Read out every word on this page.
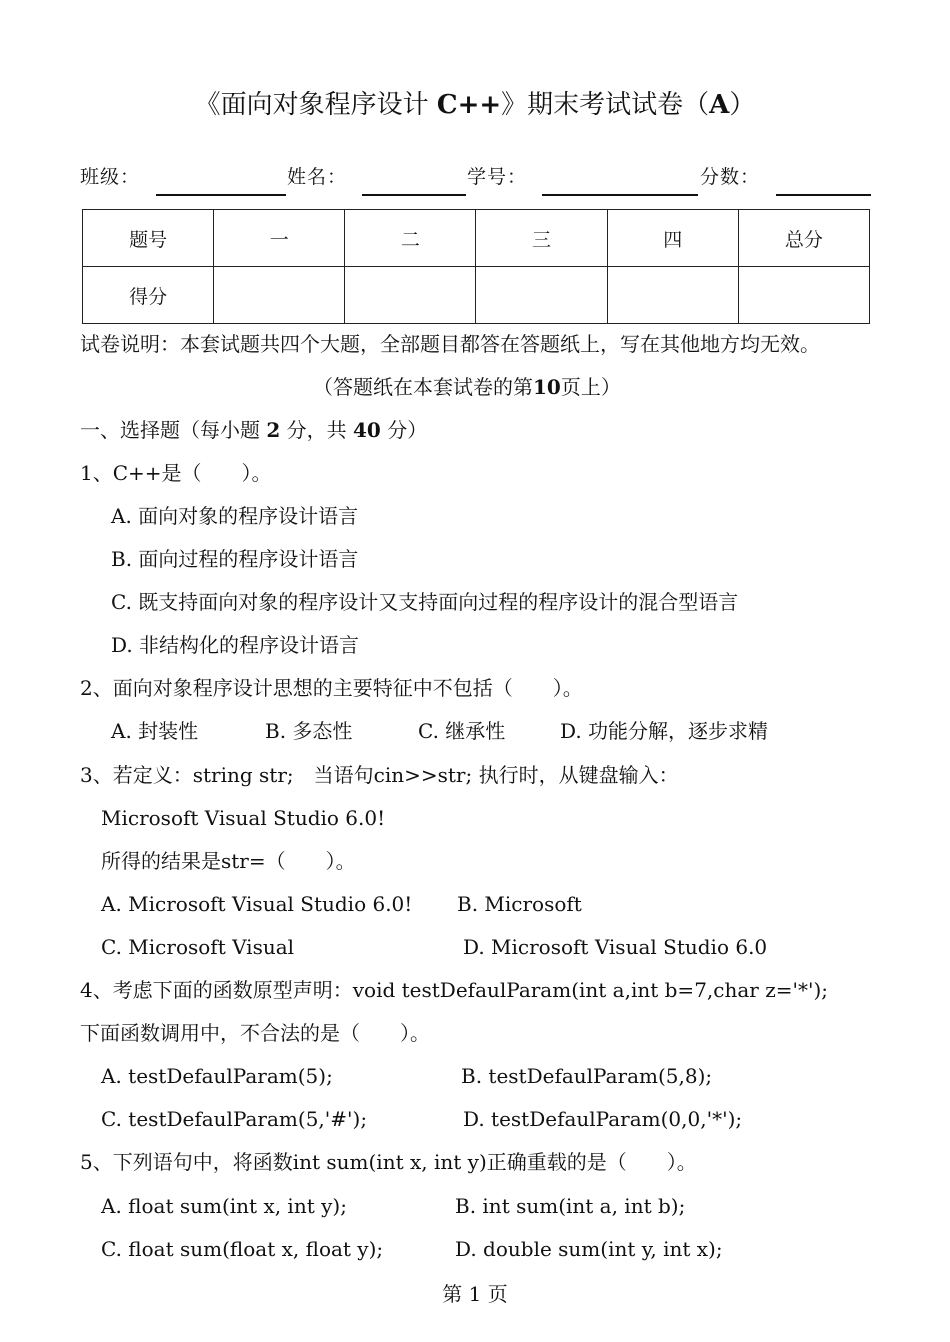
《面向对象程序设计 C++》期末考试试卷（A）
班级：	姓名：	学号：	分数：
题号	一	二	三	四	总分
得分					
试卷说明：本套试题共四个大题，全部题目都答在答题纸上，写在其他地方均无效。
（答题纸在本套试卷的第10页上）
一、选择题（每小题 2 分，共 40 分）
1、C++是（　　）。
A. 面向对象的程序设计语言
B. 面向过程的程序设计语言
C. 既支持面向对象的程序设计又支持面向过程的程序设计的混合型语言
D. 非结构化的程序设计语言
2、面向对象程序设计思想的主要特征中不包括（　　）。
A. 封装性	B. 多态性	C. 继承性	D. 功能分解，逐步求精
3、若定义：string str;　当语句cin>>str; 执行时，从键盘输入：
Microsoft Visual Studio 6.0!
所得的结果是str=（　　）。
A. Microsoft Visual Studio 6.0! B. Microsoft
C. Microsoft Visual	D. Microsoft Visual Studio 6.0
4、考虑下面的函数原型声明：void testDefaulParam(int a,int b=7,char z='*');
下面函数调用中，不合法的是（　　）。
A. testDefaulParam(5);	B. testDefaulParam(5,8);
C. testDefaulParam(5,'#');	D. testDefaulParam(0,0,'*');
5、下列语句中，将函数int sum(int x, int y)正确重载的是（　　）。
A. float sum(int x, int y);	B. int sum(int a, int b);
C. float sum(float x, float y);	D. double sum(int y, int x);
第 1 页
